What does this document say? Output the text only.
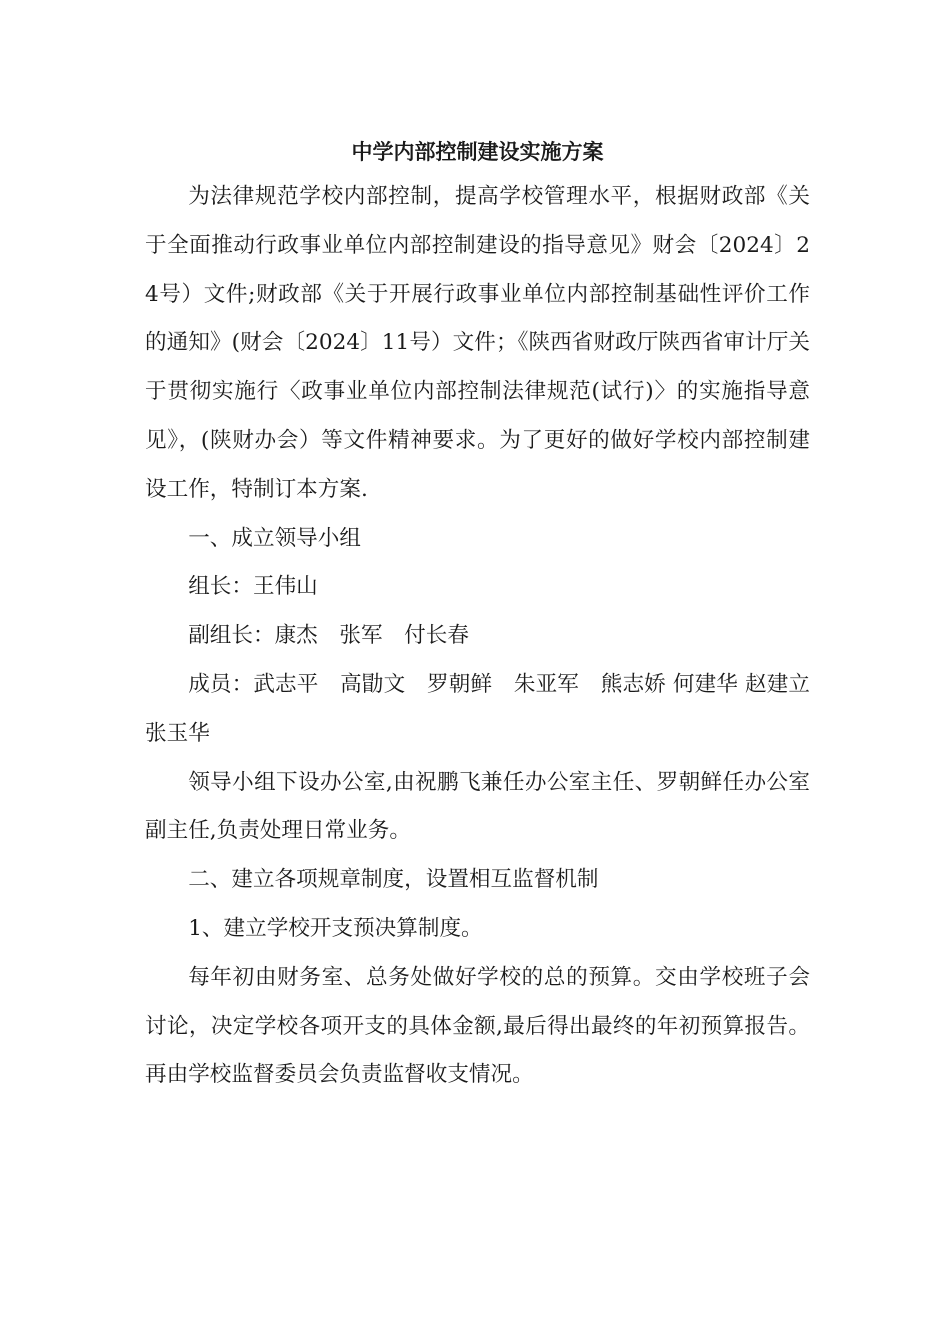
中学内部控制建设实施方案

为法律规范学校内部控制，提高学校管理水平，根据财政部《关于全面推动行政事业单位内部控制建设的指导意见》财会〔2024〕24号）文件;财政部《关于开展行政事业单位内部控制基础性评价工作的通知》(财会〔2024〕11号）文件；《陕西省财政厅陕西省审计厅关于贯彻实施行〈政事业单位内部控制法律规范(试行)〉的实施指导意见》，(陕财办会）等文件精神要求。为了更好的做好学校内部控制建设工作，特制订本方案.

一、成立领导小组

组长：王伟山

副组长：康杰　张军　付长春

成员：武志平　高勖文　罗朝鲜　朱亚军　熊志娇 何建华 赵建立　张玉华

领导小组下设办公室,由祝鹏飞兼任办公室主任、罗朝鲜任办公室副主任,负责处理日常业务。

二、建立各项规章制度，设置相互监督机制

1、建立学校开支预决算制度。

每年初由财务室、总务处做好学校的总的预算。交由学校班子会讨论，决定学校各项开支的具体金额,最后得出最终的年初预算报告。再由学校监督委员会负责监督收支情况。
